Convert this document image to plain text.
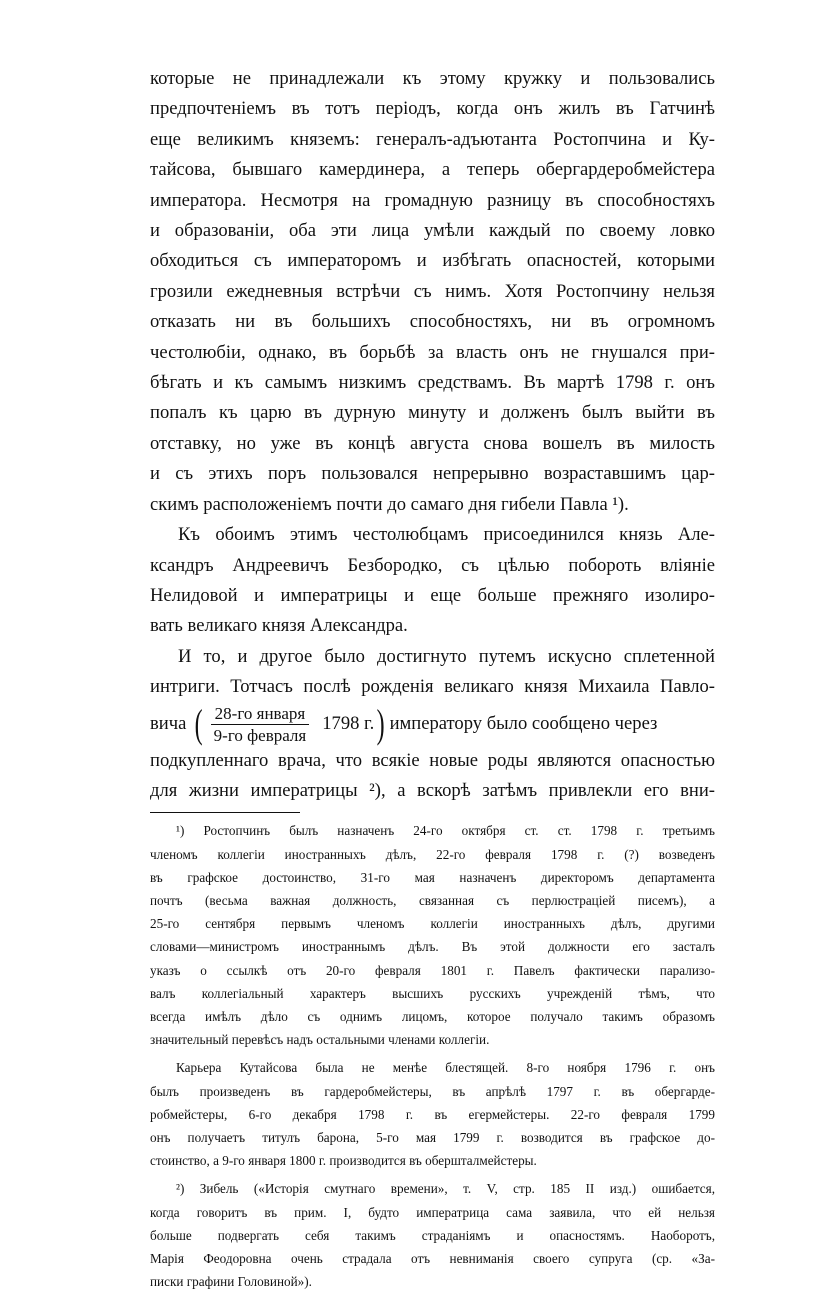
которые не принадлежали къ этому кружку и пользовались

предпочтенiемъ въ тотъ перiодъ, когда онъ жилъ въ Гатчинѣ

еще великимъ княземъ: генералъ-адъютанта Ростопчина и Ку-

тайсова, бывшаго камердинера, а теперь обергардеробмейстера

императора. Несмотря на громадную разницу въ способностяхъ

и образованiи, оба эти лица умѣли каждый по своему ловко

обходиться съ императоромъ и избѣгать опасностей, которыми

грозили ежедневныя встрѣчи съ нимъ. Хотя Ростопчину нельзя

отказать ни въ большихъ способностяхъ, ни въ огромномъ

честолюбiи, однако, въ борьбѣ за власть онъ не гнушался при-

бѣгать и къ самымъ низкимъ средствамъ. Въ мартѣ 1798 г. онъ

попалъ къ царю въ дурную минуту и долженъ былъ выйти въ

отставку, но уже въ концѣ августа снова вошелъ въ милость

и съ этихъ поръ пользовался непрерывно возраставшимъ цар-

скимъ расположенiемъ почти до самаго дня гибели Павла ¹).

Къ обоимъ этимъ честолюбцамъ присоединился князь Але-

ксандръ Андреевичъ Безбородко, съ цѣлью побороть влiянiе

Нелидовой и императрицы и еще больше прежняго изолиро-

вать великаго князя Александра.

И то, и другое было достигнуто путемъ искусно сплетенной

интриги. Тотчасъ послѣ рожденiя великаго князя Михаила Павло-

вича ( $\frac{\text{28-го января}}{\text{9-го февраля}} 1798$ г. ) императору было сообщено через

подкупленнаго врача, что всякiе новые роды являются опасностью

для жизни императрицы ²), а вскорѣ затѣмъ привлекли его вни-

¹) Ростопчинъ былъ назначенъ 24-го октября ст. ст. 1798 г. третьимъ

членомъ коллегiи иностранныхъ дѣлъ, 22-го февраля 1798 г. (?) возведенъ

въ графское достоинство, 31-го мая назначенъ директоромъ департамента

почтъ (весьма важная должность, связанная съ перлюстрацiей писемъ), а

25-го сентября первымъ членомъ коллегiи иностранныхъ дѣлъ, другими

словами—министромъ иностраннымъ дѣлъ. Въ этой должности его засталъ

указъ о ссылкѣ отъ 20-го февраля 1801 г. Павелъ фактически парализо-

валъ коллегiальный характеръ высшихъ русскихъ учрежденiй тѣмъ, что

всегда имѣлъ дѣло съ однимъ лицомъ, которое получало такимъ образомъ

значительный перевѣсъ надъ остальными членами коллегiи.

Карьера Кутайсова была не менѣе блестящей. 8-го ноября 1796 г. онъ

былъ произведенъ въ гардеробмейстеры, въ апрѣлѣ 1797 г. въ обергарде-

робмейстеры, 6-го декабря 1798 г. въ егермейстеры. 22-го февраля 1799

онъ получаетъ титулъ барона, 5-го мая 1799 г. возводится въ графское до-

стоинство, а 9-го января 1800 г. производится въ обершталмейстеры.

²) Зибель («Исторiя смутнаго времени», т. V, стр. 185 II изд.) ошибается,

когда говоритъ въ прим. I, будто императрица сама заявила, что ей нельзя

больше подвергать себя такимъ страданiямъ и опасностямъ. Наоборотъ,

Марiя Феодоровна очень страдала отъ невниманiя своего супруга (ср. «За-

писки графини Головиной»).
